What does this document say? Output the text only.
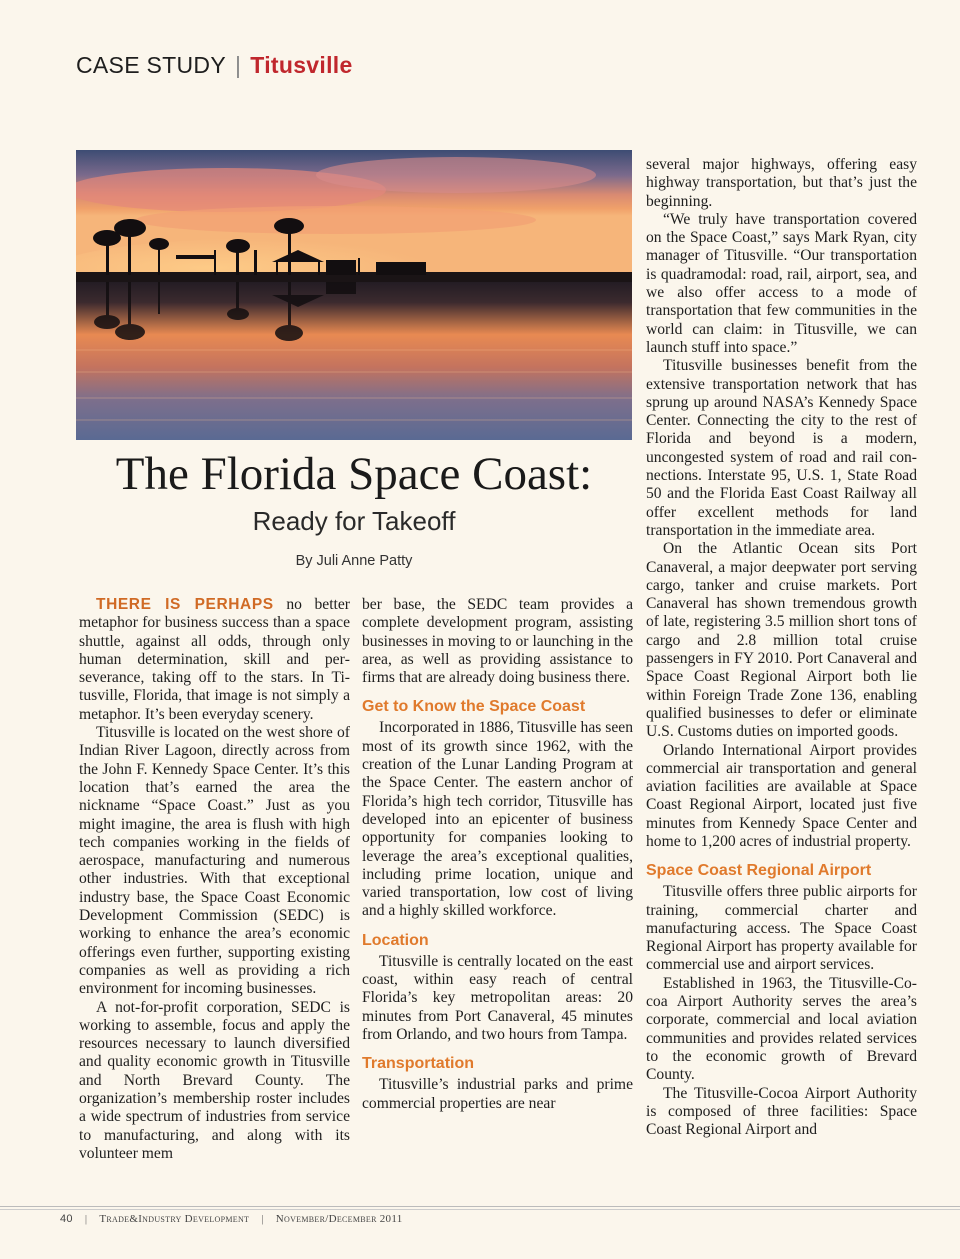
CASE STUDY | Titusville
The Florida Space Coast:
Ready for Takeoff
By Juli Anne Patty

THERE IS PERHAPS no better metaphor for business success than a space shuttle, against all odds, through only human determination, skill and perseverance, taking off to the stars. In Titusville, Florida, that image is not simply a metaphor. It’s been everyday scenery.

Titusville is located on the west shore of Indian River Lagoon, directly across from the John F. Kennedy Space Center. It’s this location that’s earned the area the nickname “Space Coast.” Just as you might imagine, the area is flush with high tech companies working in the fields of aerospace, manufacturing and numerous other industries. With that exceptional industry base, the Space Coast Economic Development Commission (SEDC) is working to enhance the area’s economic offerings even further, supporting existing companies as well as providing a rich environment for incoming businesses.

A not-for-profit corporation, SEDC is working to assemble, focus and apply the resources necessary to launch diversified and quality economic growth in Titusville and North Brevard County. The organization’s membership roster includes a wide spectrum of industries from service to manufacturing, and along with its volunteer mem

ber base, the SEDC team provides a complete development program, assisting businesses in moving to or launching in the area, as well as providing assistance to firms that are already doing business there.

Get to Know the Space Coast

Incorporated in 1886, Titusville has seen most of its growth since 1962, with the creation of the Lunar Landing Program at the Space Center. The eastern anchor of Florida’s high tech corridor, Titusville has developed into an epicenter of business opportunity for companies looking to leverage the area’s exceptional qualities, including prime location, unique and varied transportation, low cost of living and a highly skilled workforce.

Location

Titusville is centrally located on the east coast, within easy reach of central Florida’s key metropolitan areas: 20 minutes from Port Canaveral, 45 minutes from Orlando, and two hours from Tampa.

Transportation

Titusville’s industrial parks and prime commercial properties are near

several major highways, offering easy highway transportation, but that’s just the beginning.

“We truly have transportation covered on the Space Coast,” says Mark Ryan, city manager of Titusville. “Our transportation is quadramodal: road, rail, airport, sea, and we also offer access to a mode of transportation that few communities in the world can claim: in Titusville, we can launch stuff into space.”

Titusville businesses benefit from the extensive transportation network that has sprung up around NASA’s Kennedy Space Center. Connecting the city to the rest of Florida and beyond is a modern, uncongested system of road and rail connections. Interstate 95, U.S. 1, State Road 50 and the Florida East Coast Railway all offer excellent methods for land transportation in the immediate area.

On the Atlantic Ocean sits Port Canaveral, a major deepwater port serving cargo, tanker and cruise markets. Port Canaveral has shown tremendous growth of late, registering 3.5 million short tons of cargo and 2.8 million total cruise passengers in FY 2010. Port Canaveral and Space Coast Regional Airport both lie within Foreign Trade Zone 136, enabling qualified businesses to defer or eliminate U.S. Customs duties on imported goods.

Orlando International Airport provides commercial air transportation and general aviation facilities are available at Space Coast Regional Airport, located just five minutes from Kennedy Space Center and home to 1,200 acres of industrial property.

Space Coast Regional Airport

Titusville offers three public airports for training, commercial charter and manufacturing access. The Space Coast Regional Airport has property available for commercial use and airport services.

Established in 1963, the Titusville-Cocoa Airport Authority serves the area’s corporate, commercial and local aviation communities and provides related services to the economic growth of Brevard County.

The Titusville-Cocoa Airport Authority is composed of three facilities: Space Coast Regional Airport and

40 | Trade&Industry Development | November/December 2011
